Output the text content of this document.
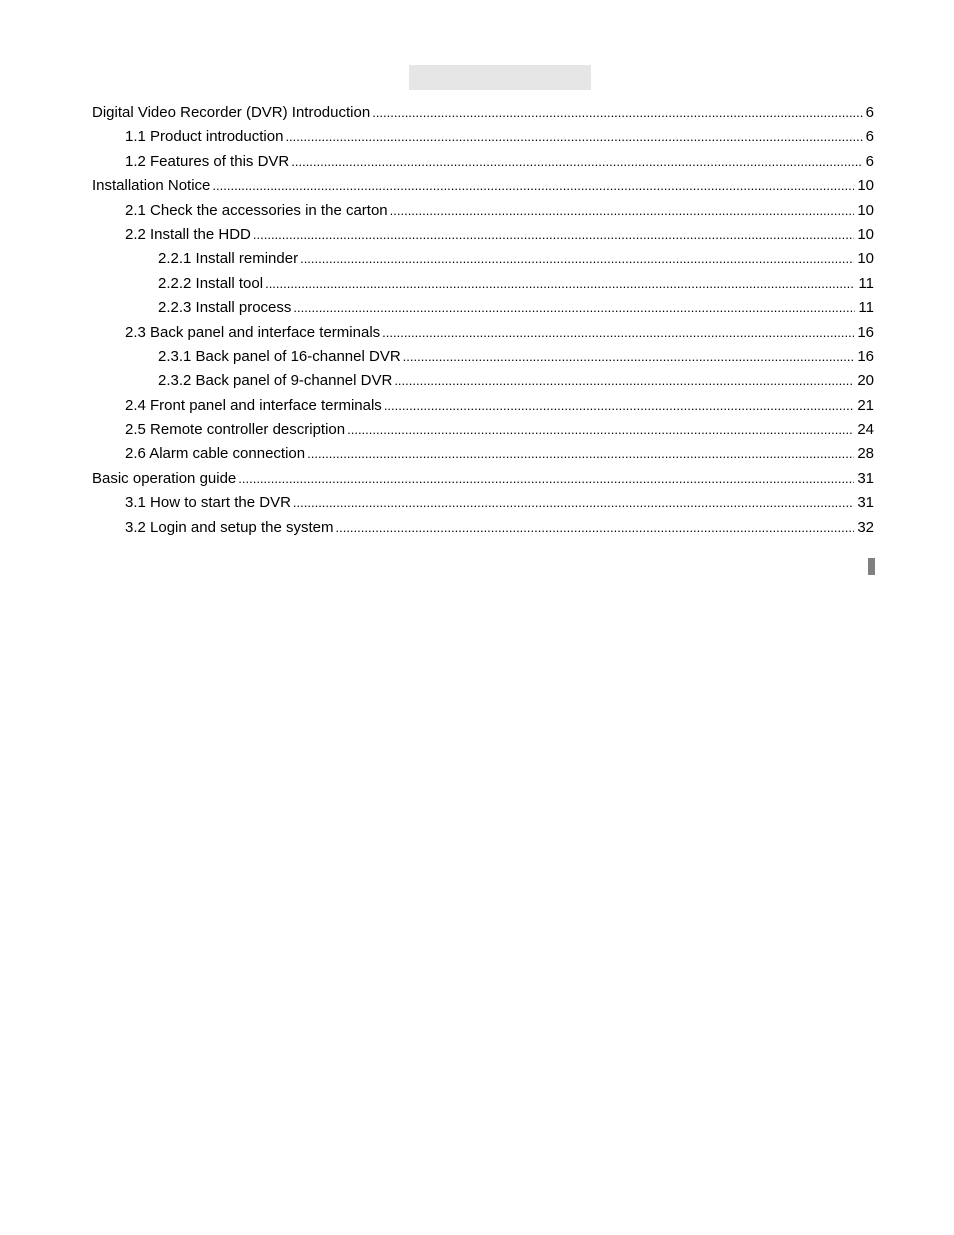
Digital Video Recorder (DVR) Introduction .....	6
1.1 Product introduction .....	6
1.2 Features of this DVR .....	6
Installation Notice .....	10
2.1 Check the accessories in the carton .....	10
2.2 Install the HDD .....	10
2.2.1 Install reminder .....	10
2.2.2 Install tool .....	11
2.2.3 Install process .....	11
2.3 Back panel and interface terminals .....	16
2.3.1 Back panel of 16-channel DVR .....	16
2.3.2 Back panel of 9-channel DVR .....	20
2.4 Front panel and interface terminals .....	21
2.5 Remote controller description .....	24
2.6 Alarm cable connection .....	28
Basic operation guide .....	31
3.1 How to start the DVR .....	31
3.2 Login and setup the system .....	32
